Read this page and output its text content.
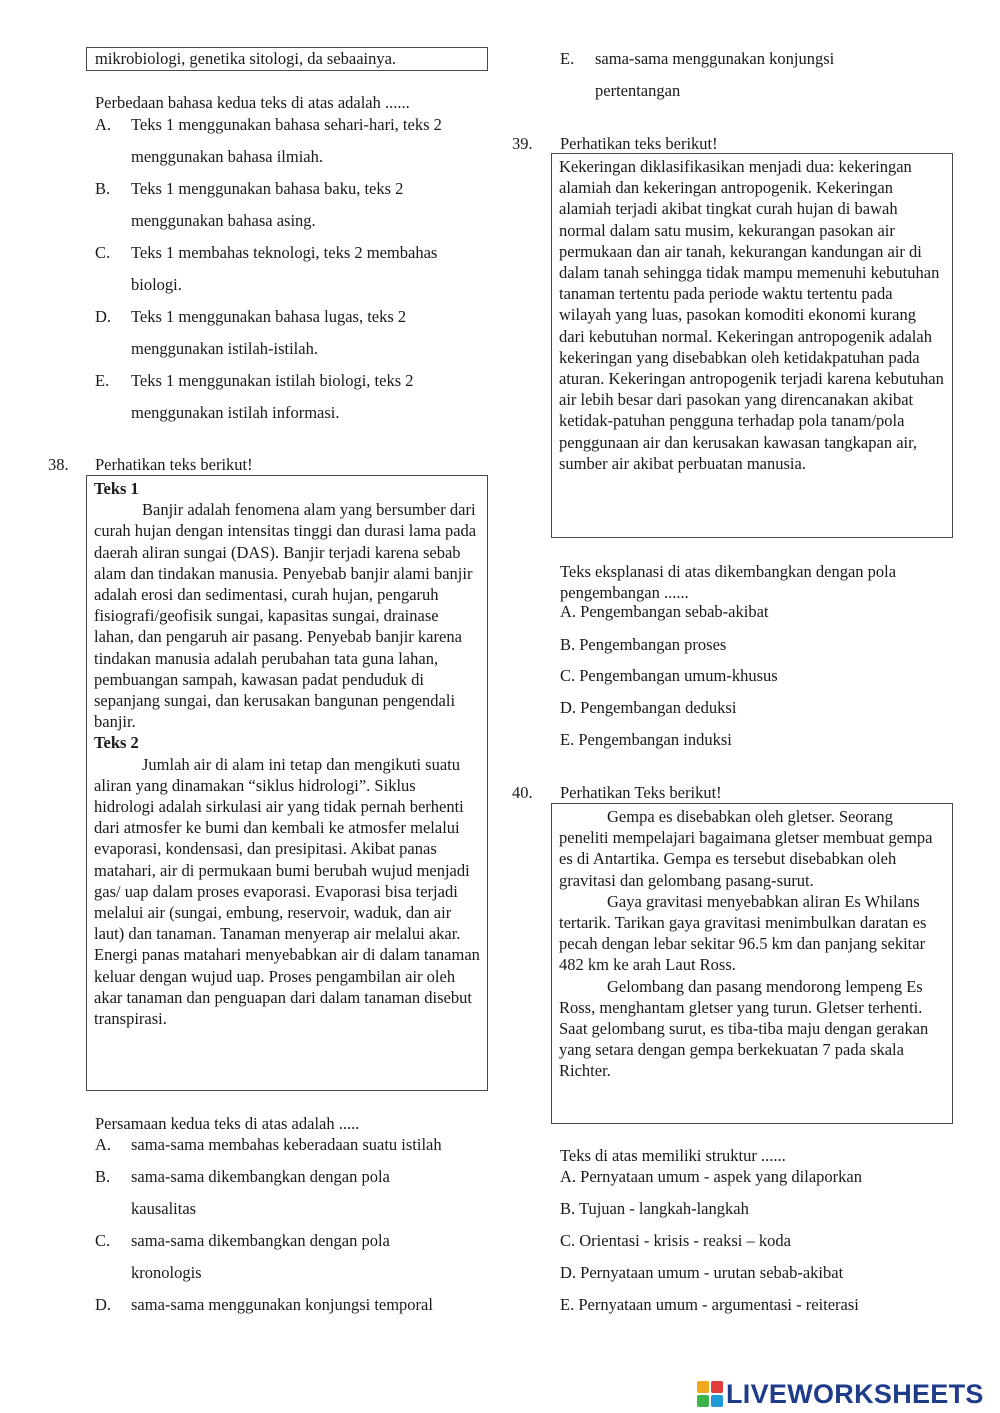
mikrobiologi, genetika sitologi, da sebaainya.
Perbedaan bahasa kedua teks di atas adalah ......
A. Teks 1 menggunakan bahasa sehari-hari, teks 2
menggunakan bahasa ilmiah.
B. Teks 1 menggunakan bahasa baku, teks 2
menggunakan bahasa asing.
C. Teks 1 membahas teknologi, teks 2 membahas
biologi.
D. Teks 1 menggunakan bahasa lugas, teks 2
menggunakan istilah-istilah.
E. Teks 1 menggunakan istilah biologi, teks 2
menggunakan istilah informasi.
38. Perhatikan teks berikut!

Teks 1

Banjir adalah fenomena alam yang bersumber dari curah hujan dengan intensitas tinggi dan durasi lama pada daerah aliran sungai (DAS). Banjir terjadi karena sebab alam dan tindakan manusia. Penyebab banjir alami banjir adalah erosi dan sedimentasi, curah hujan, pengaruh fisiografi/geofisik sungai, kapasitas sungai, drainase lahan, dan pengaruh air pasang. Penyebab banjir karena tindakan manusia adalah perubahan tata guna lahan, pembuangan sampah, kawasan padat penduduk di sepanjang sungai, dan kerusakan bangunan pengendali banjir.

Teks 2

Jumlah air di alam ini tetap dan mengikuti suatu aliran yang dinamakan “siklus hidrologi”. Siklus hidrologi adalah sirkulasi air yang tidak pernah berhenti dari atmosfer ke bumi dan kembali ke atmosfer melalui evaporasi, kondensasi, dan presipitasi. Akibat panas matahari, air di permukaan bumi berubah wujud menjadi gas/ uap dalam proses evaporasi. Evaporasi bisa terjadi melalui air (sungai, embung, reservoir, waduk, dan air laut) dan tanaman. Tanaman menyerap air melalui akar. Energi panas matahari menyebabkan air di dalam tanaman keluar dengan wujud uap. Proses pengambilan air oleh akar tanaman dan penguapan dari dalam tanaman disebut transpirasi.

Persamaan kedua teks di atas adalah .....
A. sama-sama membahas keberadaan suatu istilah
B. sama-sama dikembangkan dengan pola
kausalitas
C. sama-sama dikembangkan dengan pola
kronologis
D. sama-sama menggunakan konjungsi temporal
E. sama-sama menggunakan konjungsi
pertentangan
39. Perhatikan teks berikut!

Kekeringan diklasifikasikan menjadi dua: kekeringan alamiah dan kekeringan antropogenik. Kekeringan alamiah terjadi akibat tingkat curah hujan di bawah normal dalam satu musim, kekurangan pasokan air permukaan dan air tanah, kekurangan kandungan air di dalam tanah sehingga tidak mampu memenuhi kebutuhan tanaman tertentu pada periode waktu tertentu pada wilayah yang luas, pasokan komoditi ekonomi kurang dari kebutuhan normal. Kekeringan antropogenik adalah kekeringan yang disebabkan oleh ketidakpatuhan pada aturan. Kekeringan antropogenik terjadi karena kebutuhan air lebih besar dari pasokan yang direncanakan akibat ketidak-patuhan pengguna terhadap pola tanam/pola penggunaan air dan kerusakan kawasan tangkapan air, sumber air akibat perbuatan manusia.

Teks eksplanasi di atas dikembangkan dengan pola pengembangan ......
A. Pengembangan sebab-akibat
B. Pengembangan proses
C. Pengembangan umum-khusus
D. Pengembangan deduksi
E. Pengembangan induksi
40. Perhatikan Teks berikut!

Gempa es disebabkan oleh gletser. Seorang peneliti mempelajari bagaimana gletser membuat gempa es di Antartika. Gempa es tersebut disebabkan oleh gravitasi dan gelombang pasang-surut.

Gaya gravitasi menyebabkan aliran Es Whilans tertarik. Tarikan gaya gravitasi menimbulkan daratan es pecah dengan lebar sekitar 96.5 km dan panjang sekitar 482 km ke arah Laut Ross.

Gelombang dan pasang mendorong lempeng Es Ross, menghantam gletser yang turun. Gletser terhenti. Saat gelombang surut, es tiba-tiba maju dengan gerakan yang setara dengan gempa berkekuatan 7 pada skala Richter.

Teks di atas memiliki struktur ......
A. Pernyataan umum - aspek yang dilaporkan
B. Tujuan - langkah-langkah
C. Orientasi - krisis - reaksi – koda
D. Pernyataan umum - urutan sebab-akibat
E. Pernyataan umum - argumentasi - reiterasi
LIVEWORKSHEETS
